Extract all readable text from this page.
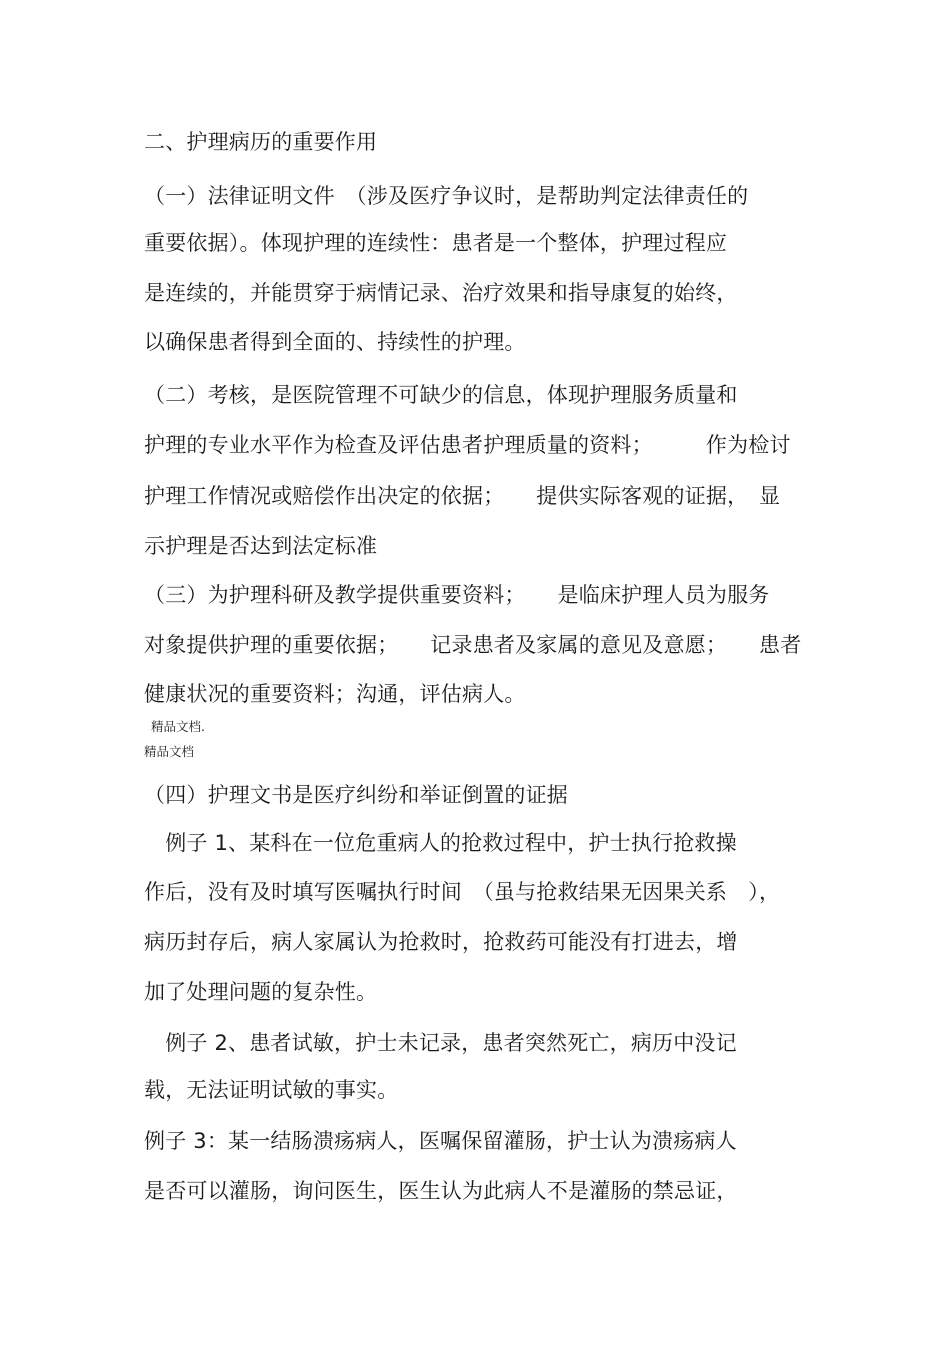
二、护理病历的重要作用
（一）法律证明文件　（涉及医疗争议时，是帮助判定法律责任的
重要依据）。体现护理的连续性：患者是一个整体，护理过程应
是连续的，并能贯穿于病情记录、治疗效果和指导康复的始终，
以确保患者得到全面的、持续性的护理。
（二）考核，是医院管理不可缺少的信息，体现护理服务质量和
护理的专业水平作为检查及评估患者护理质量的资料；　　　作为检讨
护理工作情况或赔偿作出决定的依据；　　提供实际客观的证据，　显
示护理是否达到法定标准
（三）为护理科研及教学提供重要资料；　　是临床护理人员为服务
对象提供护理的重要依据；　　记录患者及家属的意见及意愿；　　患者
健康状况的重要资料；沟通，评估病人。
精品文档.
精品文档
（四）护理文书是医疗纠纷和举证倒置的证据
　例子 1、某科在一位危重病人的抢救过程中，护士执行抢救操
作后，没有及时填写医嘱执行时间　（虽与抢救结果无因果关系　），
病历封存后，病人家属认为抢救时，抢救药可能没有打进去，增
加了处理问题的复杂性。
　例子 2、患者试敏，护士未记录，患者突然死亡，病历中没记
载，无法证明试敏的事实。
例子 3：某一结肠溃疡病人，医嘱保留灌肠，护士认为溃疡病人
是否可以灌肠，询问医生，医生认为此病人不是灌肠的禁忌证，
